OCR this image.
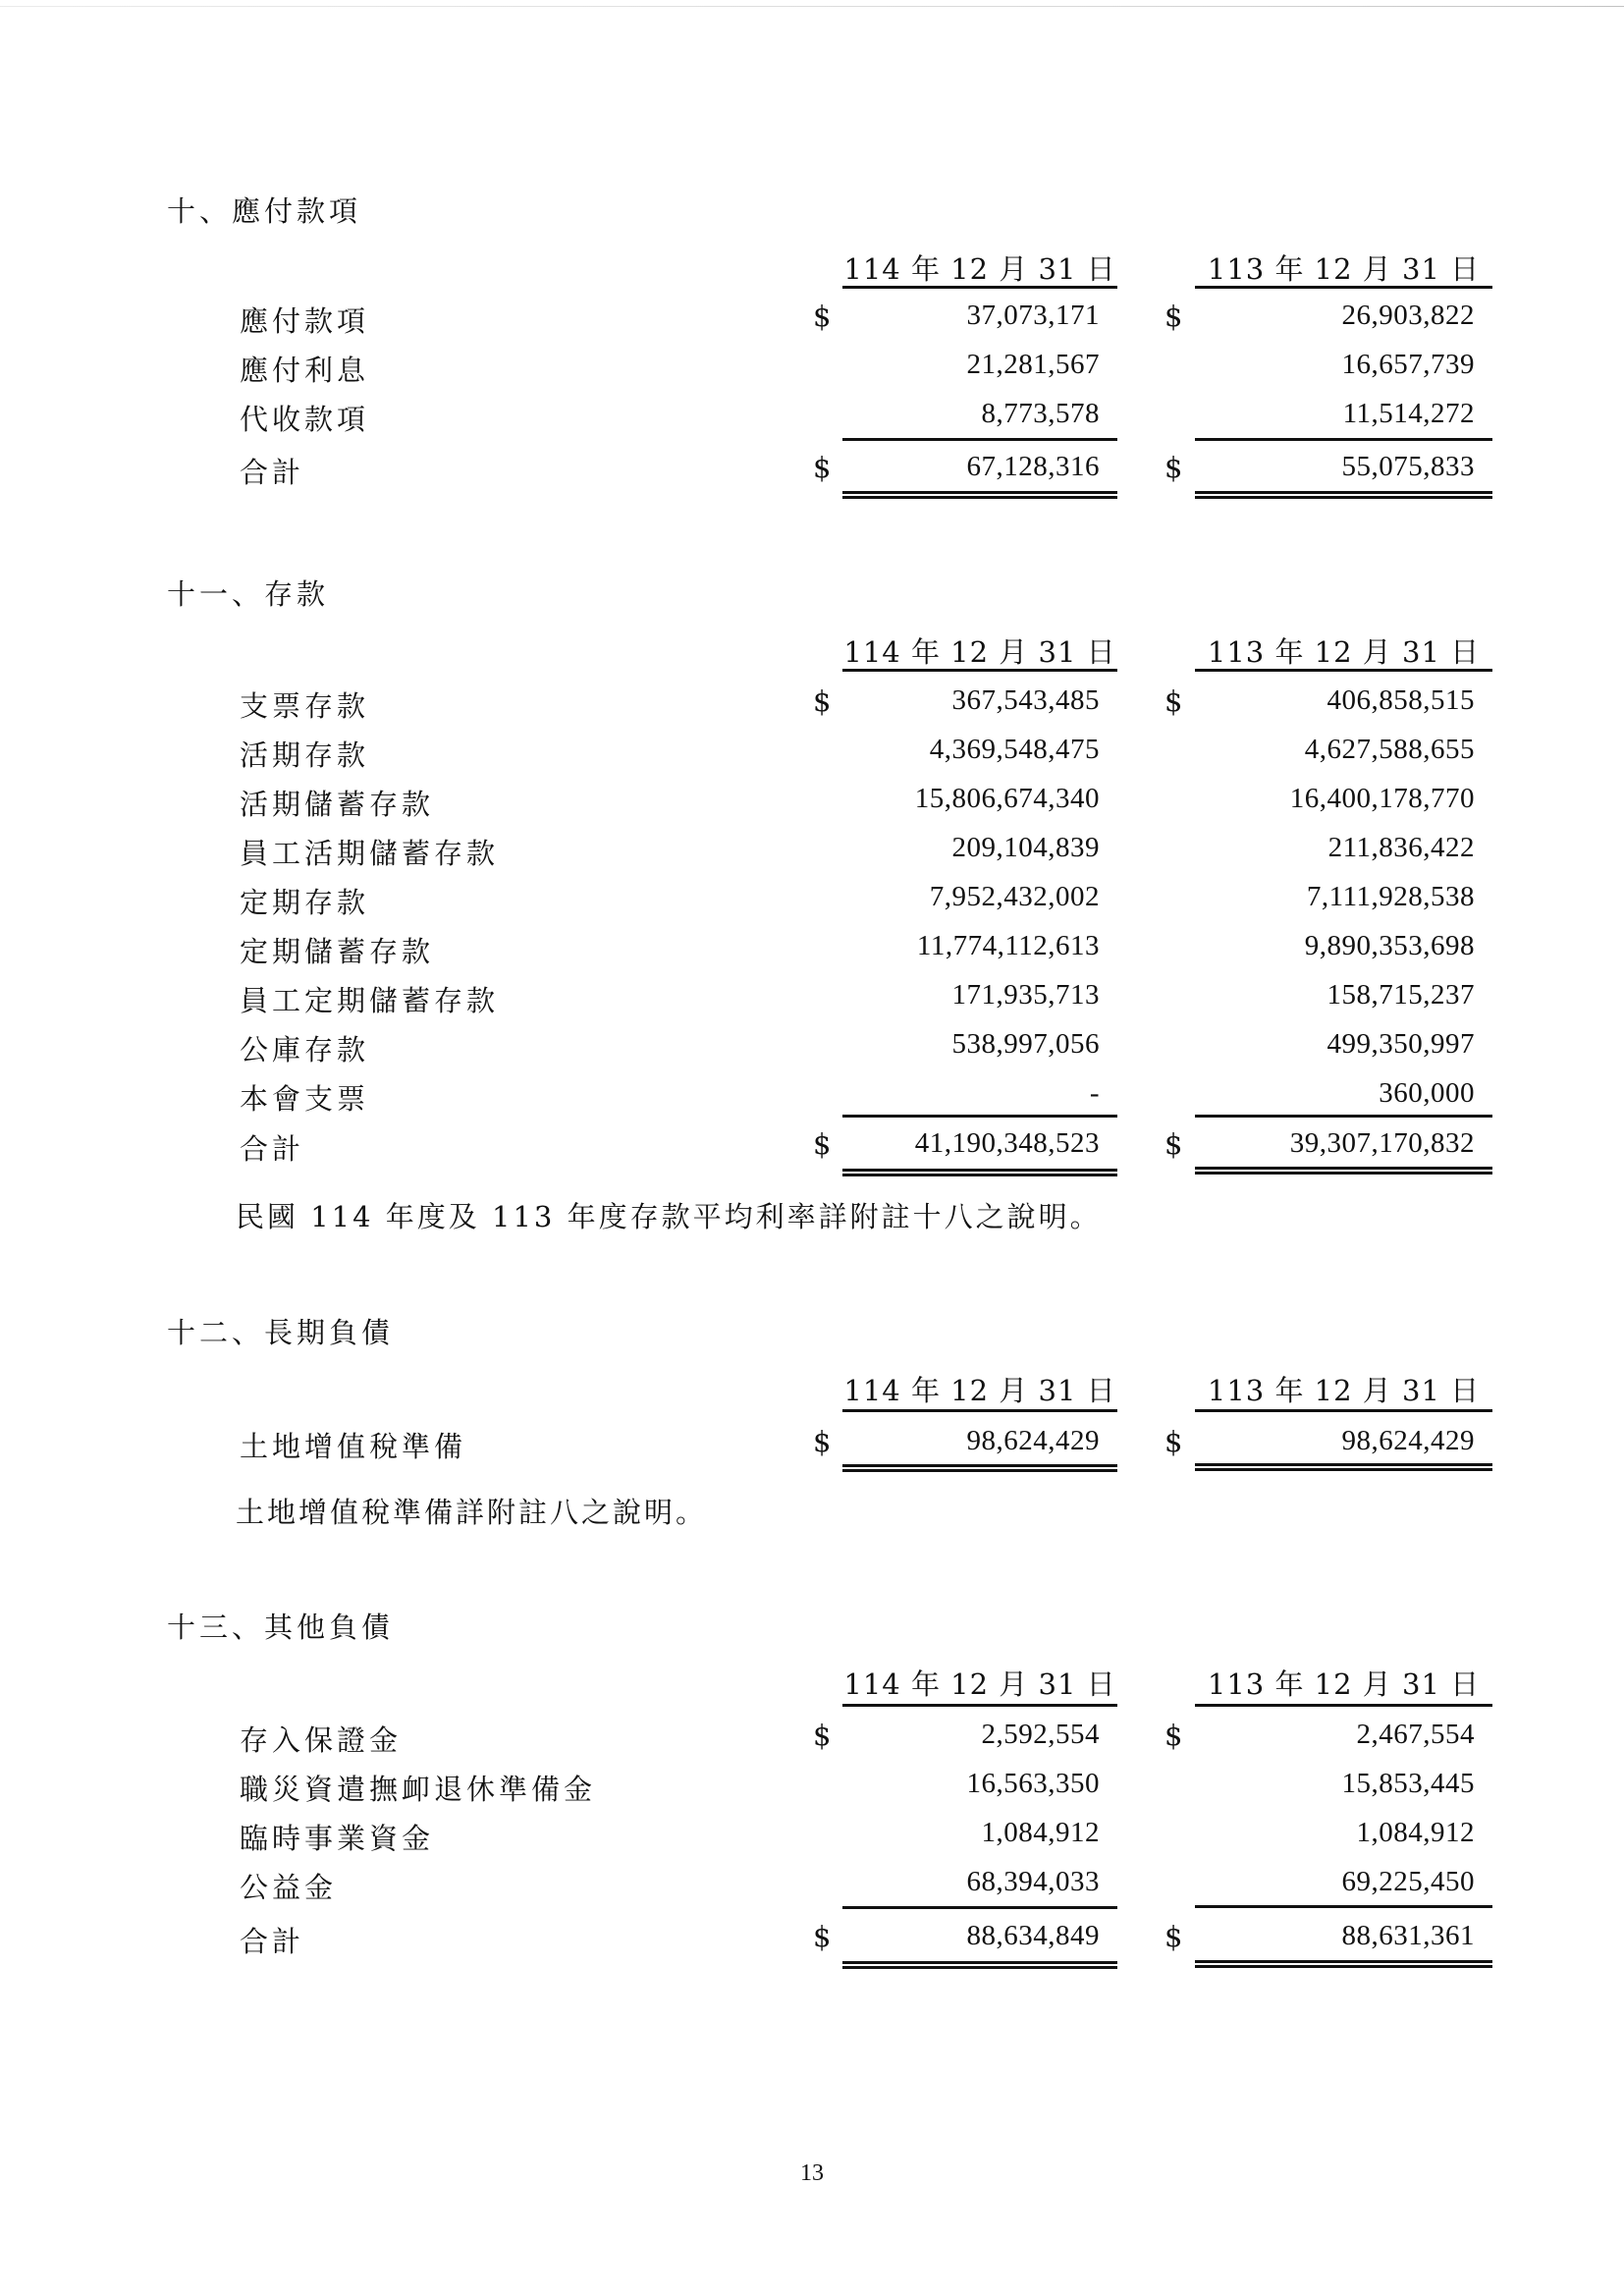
十、應付款項
114 年 12 月 31 日	113 年 12 月 31 日
應付款項	$	37,073,171 $	26,903,822
應付利息	21,281,567	16,657,739
代收款項	8,773,578	11,514,272
合計	$	67,128,316 $	55,075,833
十一、存款
114 年 12 月 31 日	113 年 12 月 31 日
支票存款	$	367,543,485 $	406,858,515
活期存款	4,369,548,475	4,627,588,655
活期儲蓄存款	15,806,674,340	16,400,178,770
員工活期儲蓄存款	209,104,839	211,836,422
定期存款	7,952,432,002	7,111,928,538
定期儲蓄存款	11,774,112,613	9,890,353,698
員工定期儲蓄存款	171,935,713	158,715,237
公庫存款	538,997,056	499,350,997
本會支票	-	360,000
合計	$	41,190,348,523 $	39,307,170,832
民國 114 年度及 113 年度存款平均利率詳附註十八之說明。
十二、長期負債
114 年 12 月 31 日	113 年 12 月 31 日
土地增值稅準備	$	98,624,429 $	98,624,429
土地增值稅準備詳附註八之說明。
十三、其他負債
114 年 12 月 31 日	113 年 12 月 31 日
存入保證金	$	2,592,554 $	2,467,554
職災資遣撫卹退休準備金	16,563,350	15,853,445
臨時事業資金	1,084,912	1,084,912
公益金	68,394,033	69,225,450
合計	$	88,634,849 $	88,631,361
13
